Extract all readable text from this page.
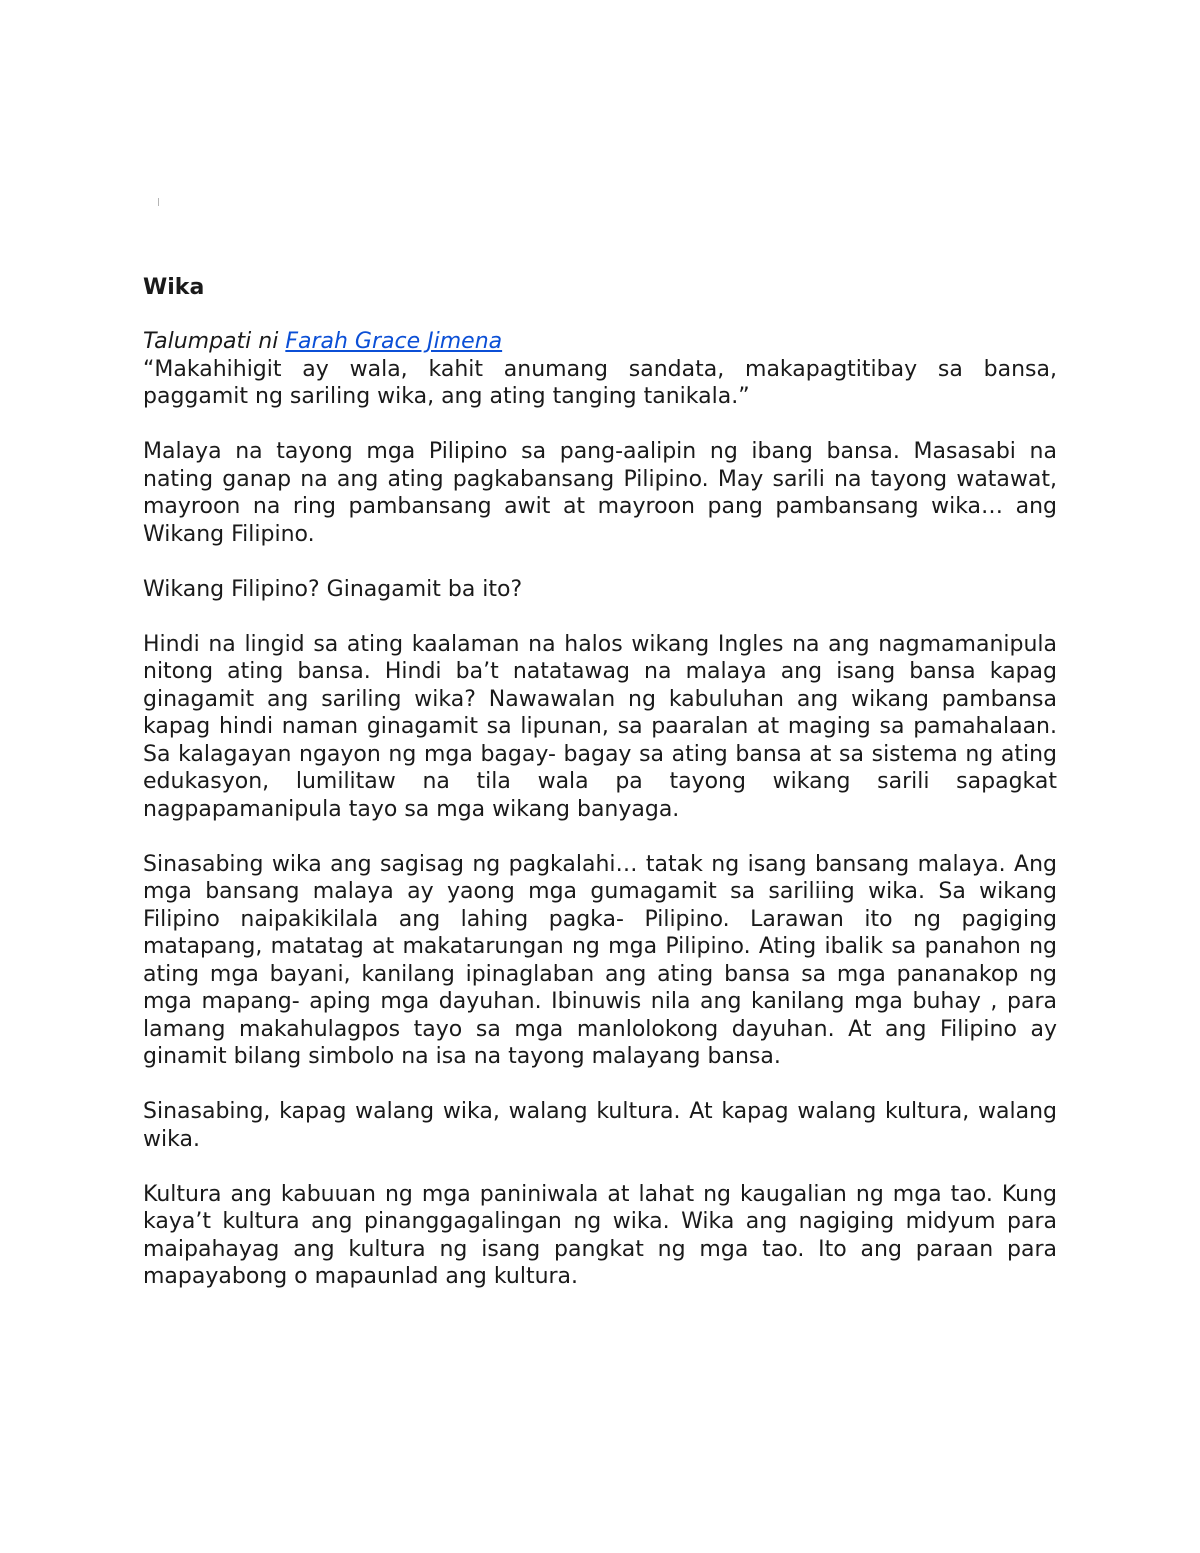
Wika
Talumpati ni Farah Grace Jimena

“Makahihigit ay wala, kahit anumang sandata, makapagtitibay sa bansa, paggamit ng sariling wika, ang ating tanging tanikala.”

Malaya na tayong mga Pilipino sa pang-aalipin ng ibang bansa. Masasabi na nating ganap na ang ating pagkabansang Pilipino. May sarili na tayong watawat, mayroon na ring pambansang awit at mayroon pang pambansang wika… ang Wikang Filipino.

Wikang Filipino? Ginagamit ba ito?

Hindi na lingid sa ating kaalaman na halos wikang Ingles na ang nagmamanipula nitong ating bansa. Hindi ba’t natatawag na malaya ang isang bansa kapag ginagamit ang sariling wika? Nawawalan ng kabuluhan ang wikang pambansa kapag hindi naman ginagamit sa lipunan, sa paaralan at maging sa pamahalaan. Sa kalagayan ngayon ng mga bagay- bagay sa ating bansa at sa sistema ng ating edukasyon, lumilitaw na tila wala pa tayong wikang sarili sapagkat nagpapamanipula tayo sa mga wikang banyaga.

Sinasabing wika ang sagisag ng pagkalahi… tatak ng isang bansang malaya. Ang mga bansang malaya ay yaong mga gumagamit sa sariliing wika. Sa wikang Filipino naipakikilala ang lahing pagka- Pilipino. Larawan ito ng pagiging matapang, matatag at makatarungan ng mga Pilipino. Ating ibalik sa panahon ng ating mga bayani, kanilang ipinaglaban ang ating bansa sa mga pananakop ng mga mapang- aping mga dayuhan. Ibinuwis nila ang kanilang mga buhay , para lamang makahulagpos tayo sa mga manlolokong dayuhan. At ang Filipino ay ginamit bilang simbolo na isa na tayong malayang bansa.

Sinasabing, kapag walang wika, walang kultura. At kapag walang kultura, walang wika.

Kultura ang kabuuan ng mga paniniwala at lahat ng kaugalian ng mga tao. Kung kaya’t kultura ang pinanggagalingan ng wika. Wika ang nagiging midyum para maipahayag ang kultura ng isang pangkat ng mga tao. Ito ang paraan para mapayabong o mapaunlad ang kultura.
